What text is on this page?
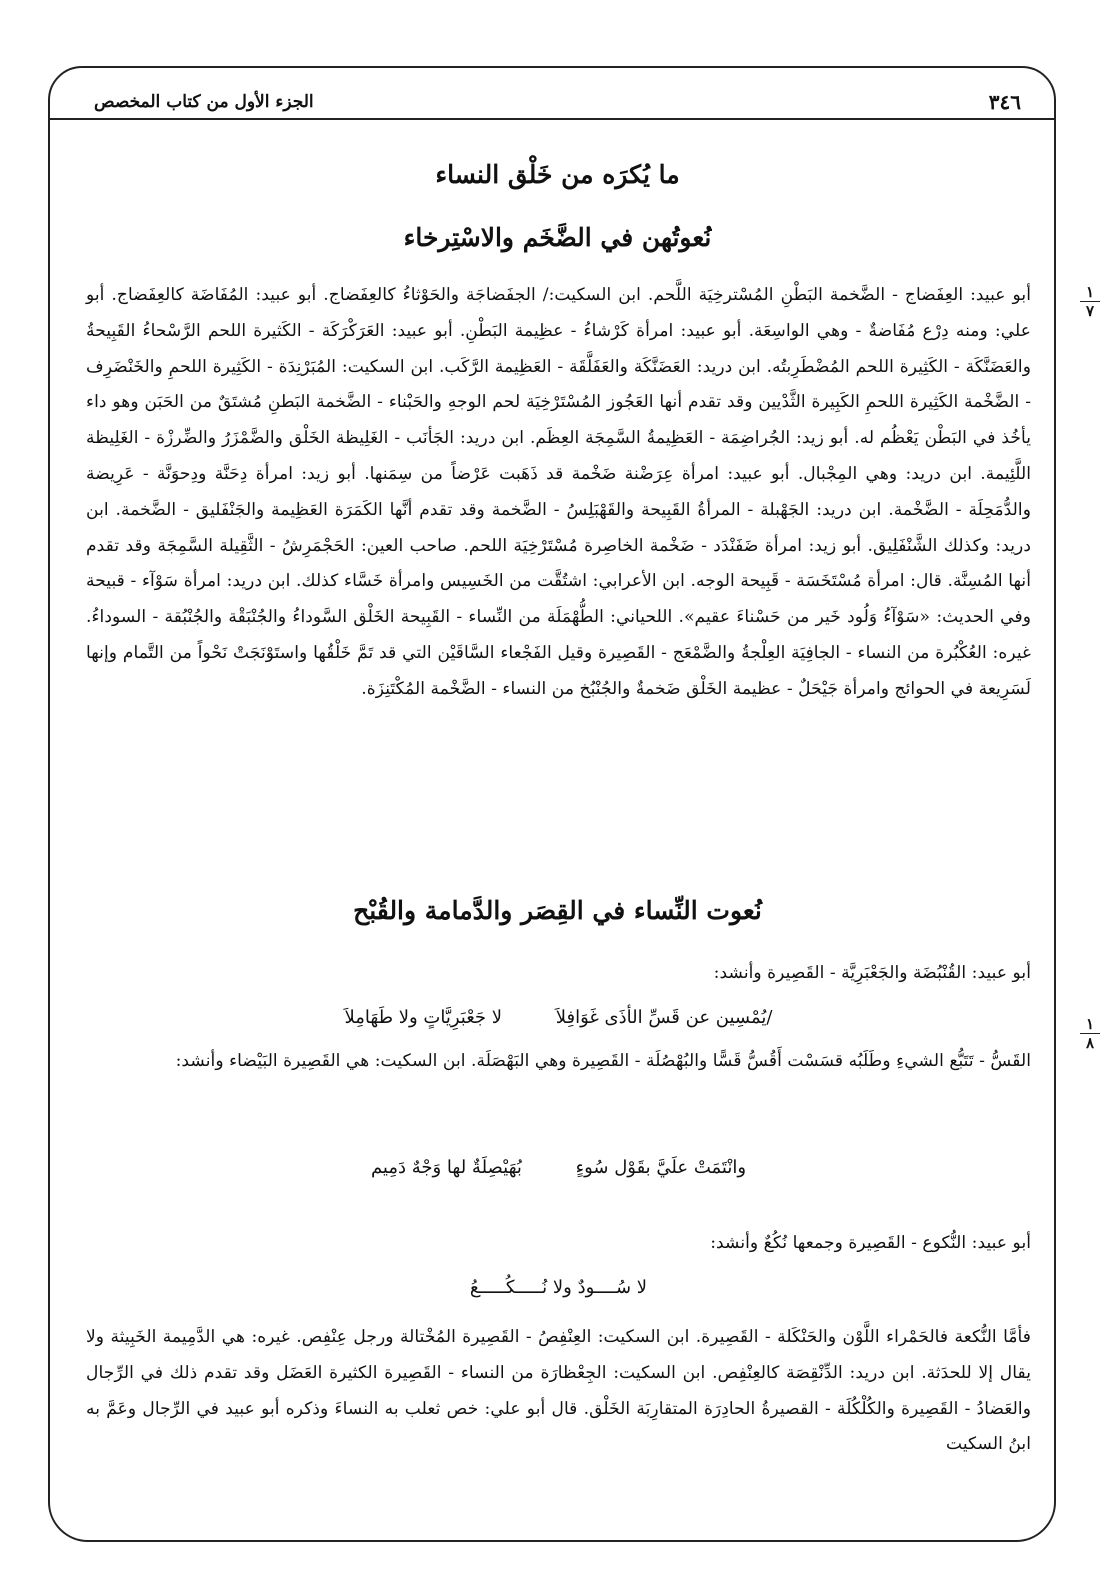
الجزء الأول من كتاب المخصص	٣٤٦
ما يُكرَه من خَلْق النساء
نُعوتُهن في الضَّخَم والاسْتِرخاء
١
٧
أبو عبيد: العِفَضاج - الضَّخمة البَطْنِ المُسْترخِيَة اللَّحم. ابن السكيت:/ الجفَضاجَة والحَوْثاءُ كالعِفَضاج. أبو عبيد: المُفَاضَة كالعِفَضاج. أبو علي: ومنه دِرْع مُفَاضةٌ - وهي الواسِعَة. أبو عبيد: امرأة كَرْشاءُ - عظِيمة البَطْنِ. أبو عبيد: العَرَكْرَكَة - الكَثيرة اللحم الرَّسْحاءُ القَبِيحةُ والعَضَنَّكَة - الكَثِيرة اللحم المُضْطَرِبتُه. ابن دريد: العَضَنَّكَة والعَفَلَّقَة - العَظِيمة الرَّكَب. ابن السكيت: المُبَرْنِدَة - الكَثِيرة اللحمِ والخَنْضَرِف - الضَّخْمة الكَثِيرة اللحمِ الكَبِيرة الثَّدْيين وقد تقدم أنها العَجُوز المُسْتَرْخِيَة لحم الوجهِ والحَبْناء - الضَّخمة البَطنِ مُشتَقٌ من الحَبَن وهو داء يأخُذ في البَطْن يَعْظُم له. أبو زيد: الجُراضِمَة - العَظِيمةُ السَّمِجَة العِظَم. ابن دريد: الجَأنَب - الغَلِيظة الخَلْق والضَّمْزَرُ والضِّرزْة - الغَلِيظة اللَّئِيمة. ابن دريد: وهي المِجْبال. أبو عبيد: امرأة عِرَضْنة ضَخْمة قد ذَهَبت عَرْضاً من سِمَنها. أبو زيد: امرأة دِحَنَّة ودِحوَنَّة - عَرِيضة والدُّمَحِلَة - الضَّخْمة. ابن دريد: الجَهْبلة - المرأةُ القَبِيحة والقَهْبَلِسُ - الضَّخمة وقد تقدم أنَّها الكَمَرَة العَظِيمة والجَنْفَليق - الضَّخمة. ابن دريد: وكذلك الشَّنْفَلِيق. أبو زيد: امرأة ضَفَنْدَد - ضَخْمة الخاصِرة مُسْتَرْخِيَة اللحم. صاحب العين: الحَجْمَرِشُ - الثَّقِيلة السَّمِجَة وقد تقدم أنها المُسِنَّة. قال: امرأة مُسْتَخَسَة - قَبِيحة الوجه. ابن الأعرابي: اشتُقَّت من الخَسِيس وامرأة خَسَّاء كذلك. ابن دريد: امرأة سَوْآء - قبيحة وفي الحديث: «سَوْآءُ وَلُود خَير من حَسْناءَ عقيم». اللحياني: الطُّهْمَلَة من النِّساء - القَبِيحة الخَلْق السَّوداءُ والجُنْبَقْة والجُنْبُقة - السوداءُ. غيره: العُكْبُرة من النساء - الجافِيَة العِلْجةُ والضَّمْعَج - القَصِيرة وقيل الفَجْعاء السَّاقَيْن التي قد تَمَّ خَلْقُها واستَوْنَجَتْ نَحْواً من التَّمام وإنها لَسَرِيعة في الحوائج وامرأة جَيْحَلٌ - عظيمة الخَلْق ضَخمةٌ والجُنْبُخ من النساء - الضَّخْمة المُكْتَنِزَة.
نُعوت النِّساء في القِصَر والدَّمامة والقُبْح
أبو عبيد: القُنْبُضَة والجَعْبَرِيَّة - القَصِيرة وأنشد:
/يُمْسِين عن قَسِّ الأذَى غَوَافِلاَ لا جَعْبَرِيَّاتٍ ولا طَهَامِلاَ	١
٨
القَسُّ - تَتَبُّع الشيءِ وطَلَبُه قسَسْت أَقُسُّ قَسًّا والبُهْصُلَة - القَصِيرة وهي البَهْصَلَة. ابن السكيت: هي القَصِيرة البَيْضاء وأنشد:
وانْتَمَتْ علَيَّ بقَوْل سُوءٍ بُهَيْصِلَةٌ لها وَجْهٌ دَمِيم
أبو عبيد: النُّكوع - القَصِيرة وجمعها نُكُعٌ وأنشد:
لا سُــــودٌ ولا نُـــــكُـــــعُ
فأمَّا النُّكعة فالحَمْراء اللَّوْن والحَنْكَلة - القَصِيرة. ابن السكيت: العِنْفِصُ - القَصِيرة المُخْتالة ورجل عِنْفِص. غيره: هي الدَّمِيمة الخَبِيثة ولا يقال إلا للحدَثة. ابن دريد: الدِّنْقِصَة كالعِنْفِص. ابن السكيت: الجِعْظارَة من النساء - القَصِيرة الكثيرة العَضَل وقد تقدم ذلك في الرِّجال والعَضادُ - القَصِيرة والكُلْكُلَة - القصيرةُ الحادِرَة المتقارِبَة الخَلْق. قال أبو علي: خص ثعلب به النساءَ وذكره أبو عبيد في الرِّجال وعَمَّ به ابنُ السكيت
